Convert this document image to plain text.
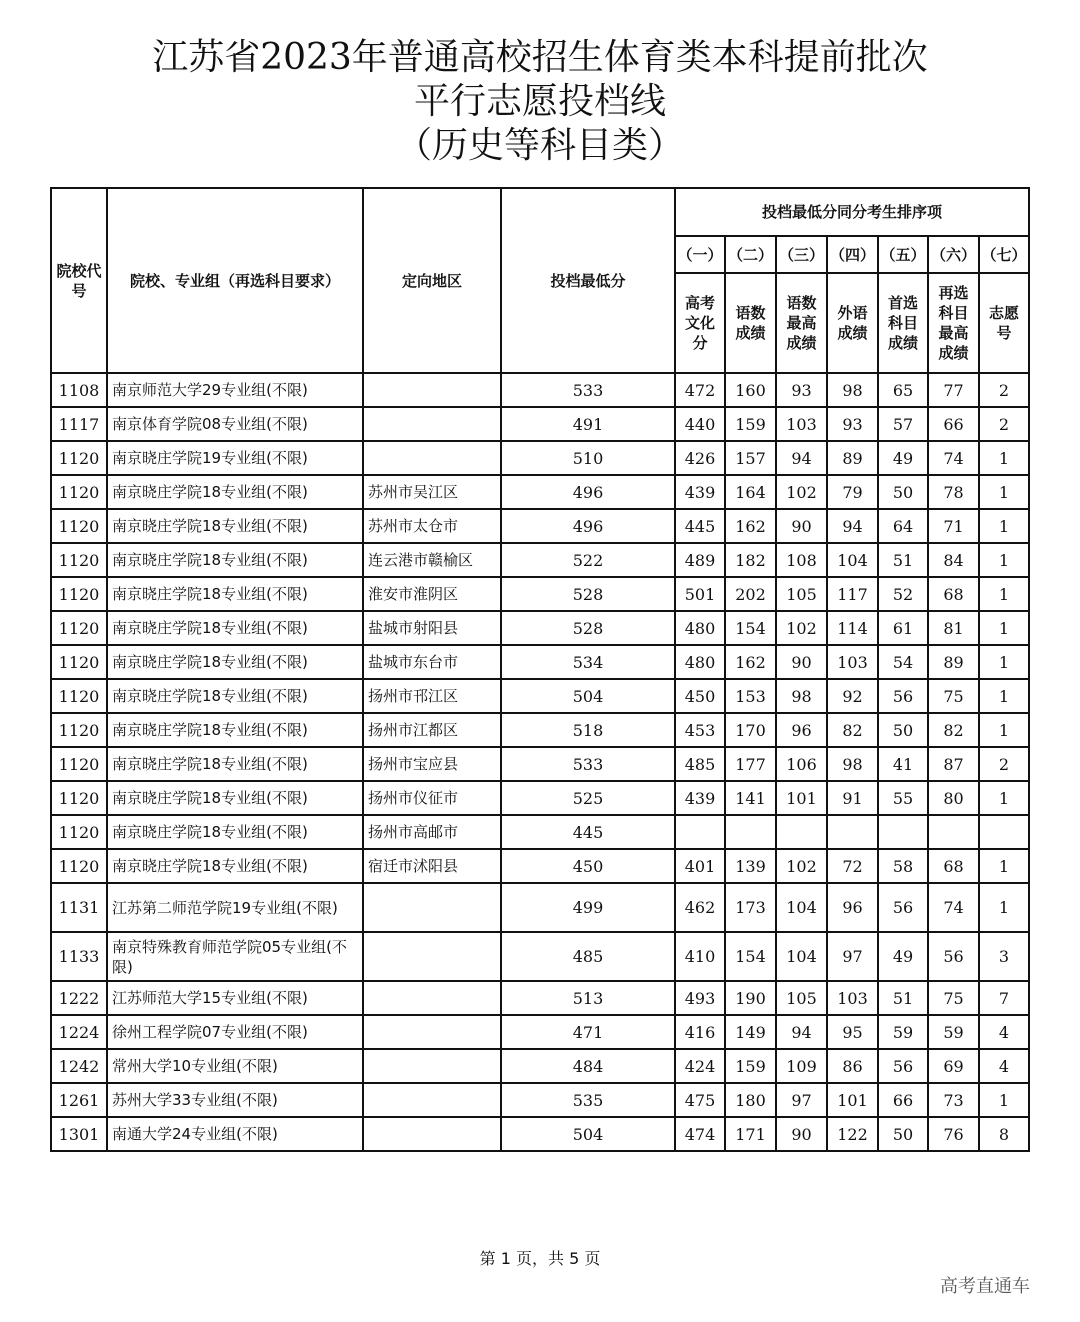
江苏省2023年普通高校招生体育类本科提前批次
平行志愿投档线
（历史等科目类）
院校代号	院校、专业组（再选科目要求）	定向地区	投档最低分	投档最低分同分考生排序项						
				（一）	（二）	（三）	（四）	（五）	（六）	（七）
				高考文化分	语数成绩	语数最高成绩	外语成绩	首选科目成绩	再选科目最高成绩	志愿号
1108	南京师范大学29专业组(不限)		533	472	160	93	98	65	77	2
1117	南京体育学院08专业组(不限)		491	440	159	103	93	57	66	2
1120	南京晓庄学院19专业组(不限)		510	426	157	94	89	49	74	1
1120	南京晓庄学院18专业组(不限)	苏州市吴江区	496	439	164	102	79	50	78	1
1120	南京晓庄学院18专业组(不限)	苏州市太仓市	496	445	162	90	94	64	71	1
1120	南京晓庄学院18专业组(不限)	连云港市赣榆区	522	489	182	108	104	51	84	1
1120	南京晓庄学院18专业组(不限)	淮安市淮阴区	528	501	202	105	117	52	68	1
1120	南京晓庄学院18专业组(不限)	盐城市射阳县	528	480	154	102	114	61	81	1
1120	南京晓庄学院18专业组(不限)	盐城市东台市	534	480	162	90	103	54	89	1
1120	南京晓庄学院18专业组(不限)	扬州市邗江区	504	450	153	98	92	56	75	1
1120	南京晓庄学院18专业组(不限)	扬州市江都区	518	453	170	96	82	50	82	1
1120	南京晓庄学院18专业组(不限)	扬州市宝应县	533	485	177	106	98	41	87	2
1120	南京晓庄学院18专业组(不限)	扬州市仪征市	525	439	141	101	91	55	80	1
1120	南京晓庄学院18专业组(不限)	扬州市高邮市	445							
1120	南京晓庄学院18专业组(不限)	宿迁市沭阳县	450	401	139	102	72	58	68	1
1131	江苏第二师范学院19专业组(不限)		499	462	173	104	96	56	74	1
1133	南京特殊教育师范学院05专业组(不限)		485	410	154	104	97	49	56	3
1222	江苏师范大学15专业组(不限)		513	493	190	105	103	51	75	7
1224	徐州工程学院07专业组(不限)		471	416	149	94	95	59	59	4
1242	常州大学10专业组(不限)		484	424	159	109	86	56	69	4
1261	苏州大学33专业组(不限)		535	475	180	97	101	66	73	1
1301	南通大学24专业组(不限)		504	474	171	90	122	50	76	8
第 1 页，共 5 页
高考直通车
